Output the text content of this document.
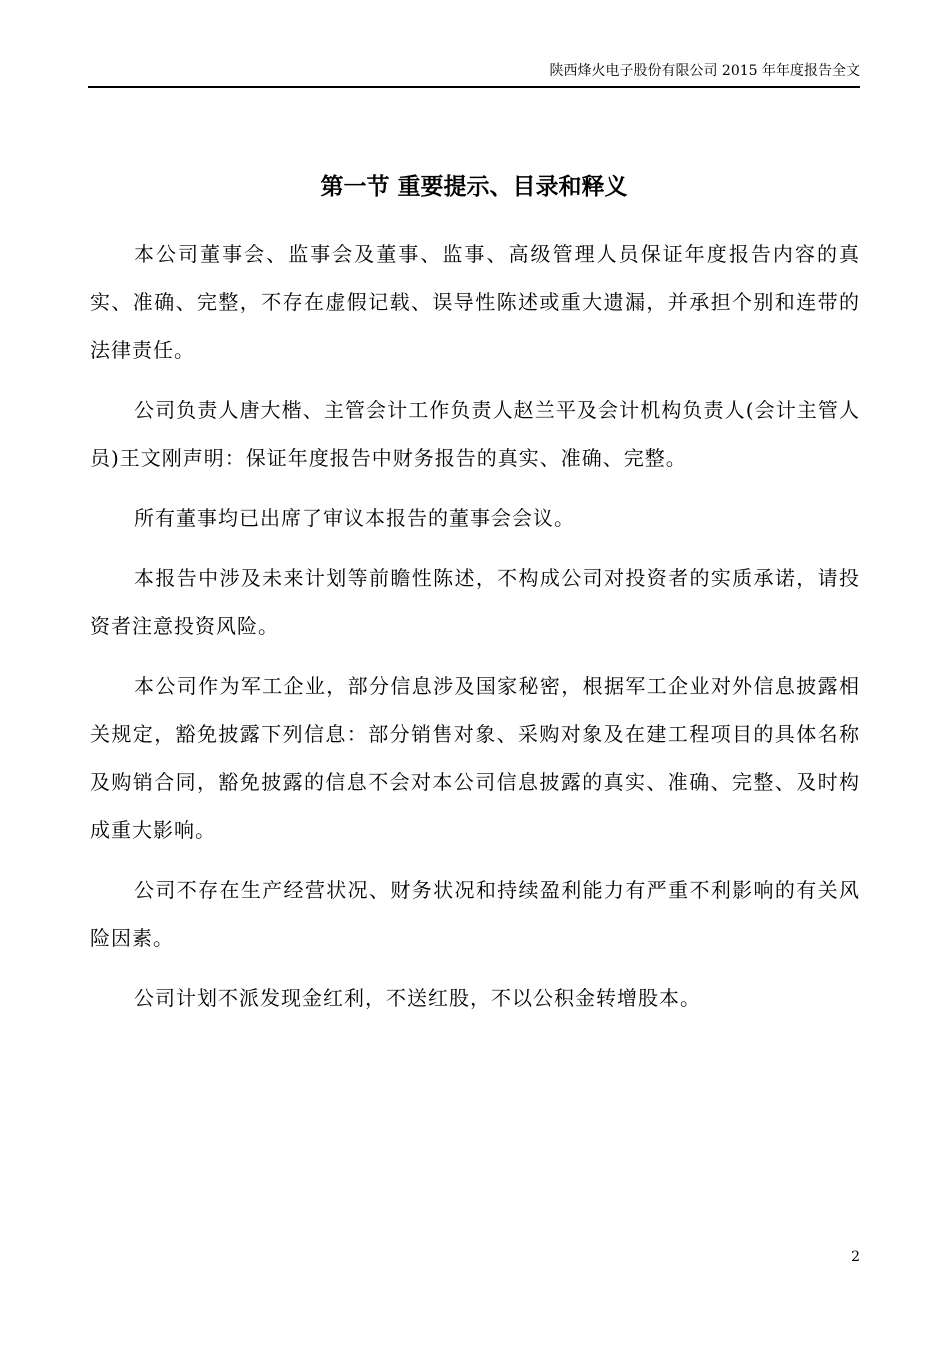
陕西烽火电子股份有限公司 2015 年年度报告全文
第一节 重要提示、目录和释义

本公司董事会、监事会及董事、监事、高级管理人员保证年度报告内容的真实、准确、完整，不存在虚假记载、误导性陈述或重大遗漏，并承担个别和连带的法律责任。

公司负责人唐大楷、主管会计工作负责人赵兰平及会计机构负责人(会计主管人员)王文刚声明：保证年度报告中财务报告的真实、准确、完整。

所有董事均已出席了审议本报告的董事会会议。

本报告中涉及未来计划等前瞻性陈述，不构成公司对投资者的实质承诺，请投资者注意投资风险。

本公司作为军工企业，部分信息涉及国家秘密，根据军工企业对外信息披露相关规定，豁免披露下列信息：部分销售对象、采购对象及在建工程项目的具体名称及购销合同，豁免披露的信息不会对本公司信息披露的真实、准确、完整、及时构成重大影响。

公司不存在生产经营状况、财务状况和持续盈利能力有严重不利影响的有关风险因素。

公司计划不派发现金红利，不送红股，不以公积金转增股本。

2
